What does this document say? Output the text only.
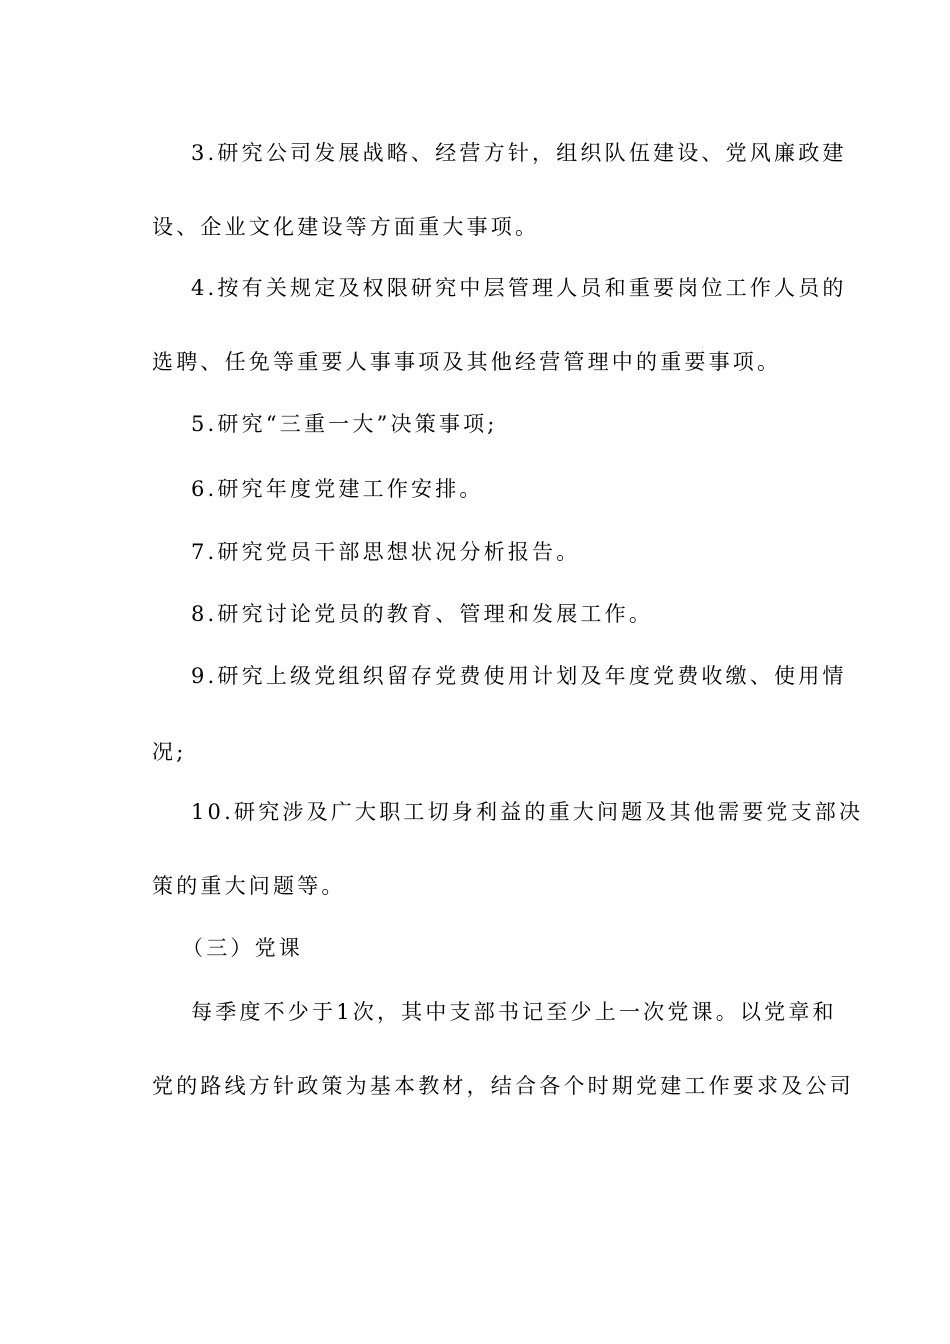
3.研究公司发展战略、经营方针，组织队伍建设、党风廉政建
设、企业文化建设等方面重大事项。
4.按有关规定及权限研究中层管理人员和重要岗位工作人员的
选聘、任免等重要人事事项及其他经营管理中的重要事项。
5.研究“三重一大”决策事项;
6.研究年度党建工作安排。
7.研究党员干部思想状况分析报告。
8.研究讨论党员的教育、管理和发展工作。
9.研究上级党组织留存党费使用计划及年度党费收缴、使用情
况;
10.研究涉及广大职工切身利益的重大问题及其他需要党支部决
策的重大问题等。
（三）党课
每季度不少于1次，其中支部书记至少上一次党课。以党章和
党的路线方针政策为基本教材，结合各个时期党建工作要求及公司
